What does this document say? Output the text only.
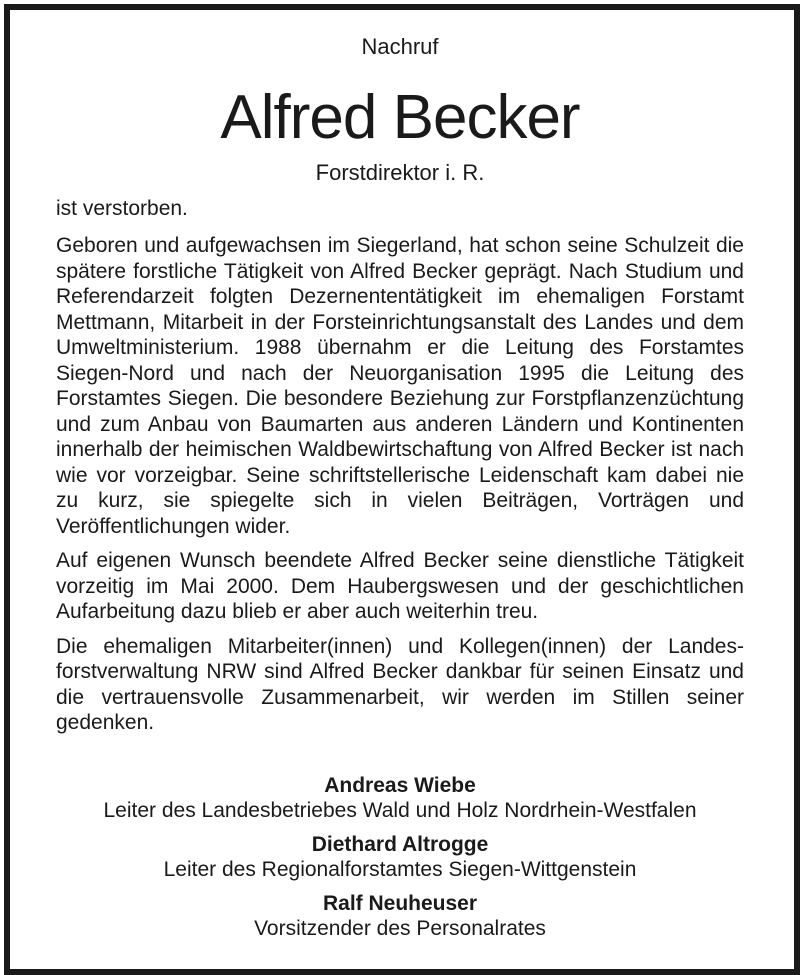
Nachruf
Alfred Becker
Forstdirektor i. R.
ist verstorben.

Geboren und aufgewachsen im Siegerland, hat schon seine Schulzeit die spätere forstliche Tätigkeit von Alfred Becker geprägt. Nach Studium und Referendarzeit folgten Dezernententätigkeit im ehemaligen Forstamt Mettmann, Mitarbeit in der Forsteinrichtungsanstalt des Landes und dem Umweltministerium. 1988 übernahm er die Leitung des Forstamtes Siegen-Nord und nach der Neuorganisation 1995 die Leitung des Forstamtes Siegen. Die besondere Beziehung zur Forstpflanzenzüchtung und zum Anbau von Baumarten aus anderen Ländern und Kontinenten innerhalb der heimischen Waldbewirtschaftung von Alfred Becker ist nach wie vor vorzeigbar. Seine schriftstellerische Leidenschaft kam dabei nie zu kurz, sie spiegelte sich in vielen Beiträgen, Vorträgen und Veröffentlichungen wider.

Auf eigenen Wunsch beendete Alfred Becker seine dienstliche Tätigkeit vorzeitig im Mai 2000. Dem Haubergswesen und der geschichtlichen Aufarbeitung dazu blieb er aber auch weiterhin treu.

Die ehemaligen Mitarbeiter(innen) und Kollegen(innen) der Landesforstverwaltung NRW sind Alfred Becker dankbar für seinen Einsatz und die vertrauensvolle Zusammenarbeit, wir werden im Stillen seiner gedenken.

Andreas Wiebe
Leiter des Landesbetriebes Wald und Holz Nordrhein-Westfalen
Diethard Altrogge
Leiter des Regionalforstamtes Siegen-Wittgenstein
Ralf Neuheuser
Vorsitzender des Personalrates
